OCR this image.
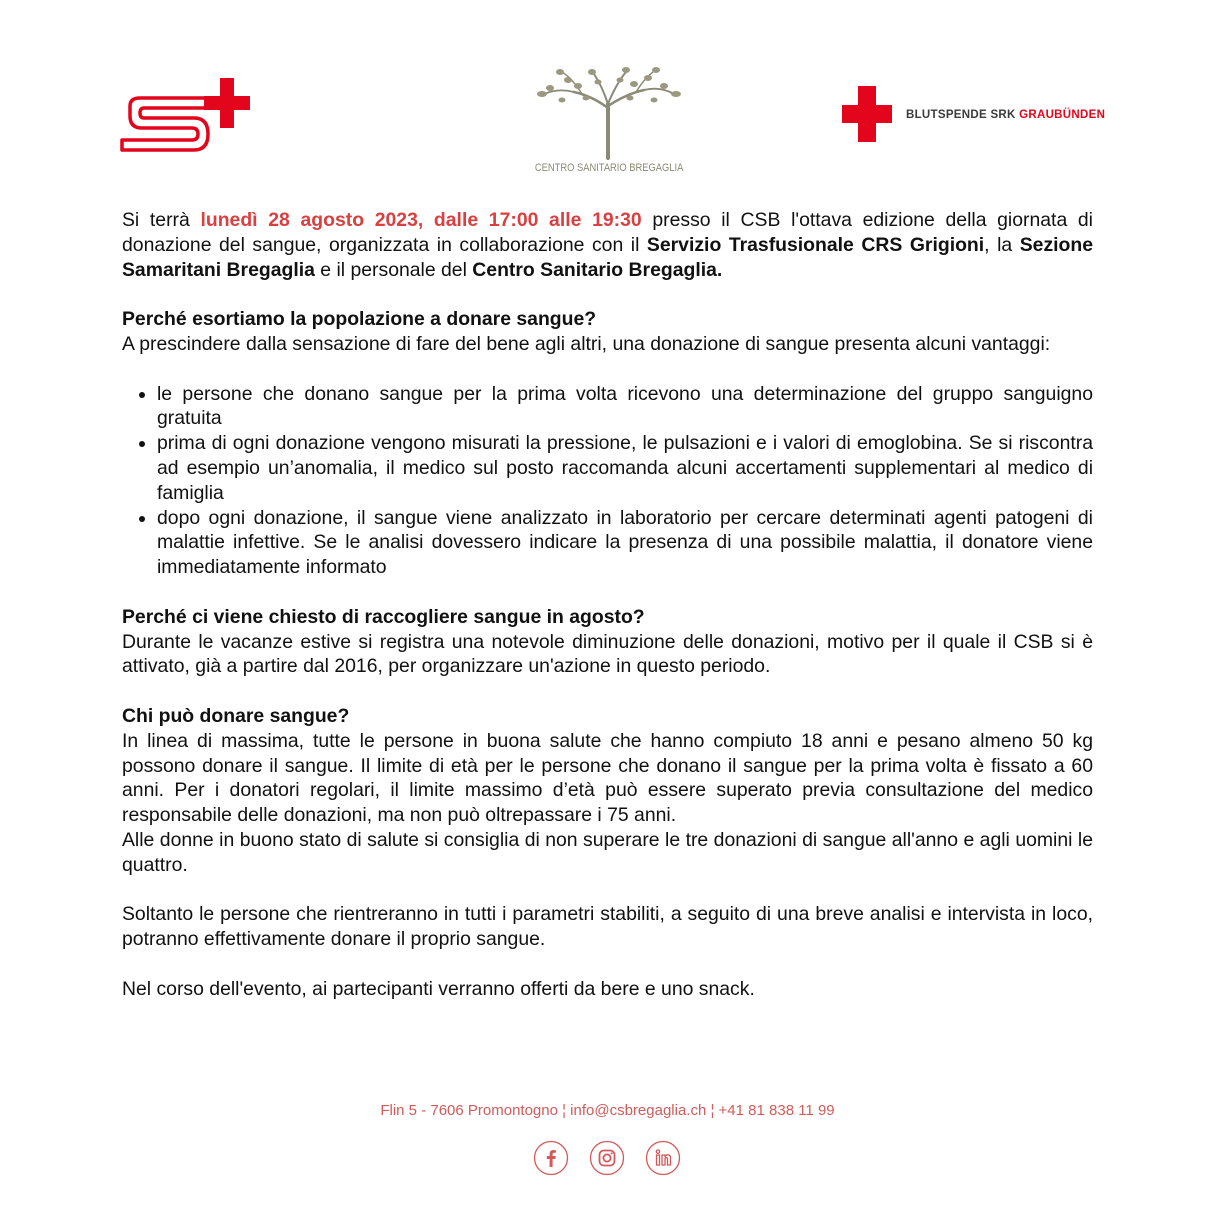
CENTRO SANITARIO BREGAGLIA
BLUTSPENDE SRK GRAUBÜNDEN

Si terrà lunedì 28 agosto 2023, dalle 17:00 alle 19:30 presso il CSB l'ottava edizione della giornata di donazione del sangue, organizzata in collaborazione con il Servizio Trasfusionale CRS Grigioni, la Sezione Samaritani Bregaglia e il personale del Centro Sanitario Bregaglia.

Perché esortiamo la popolazione a donare sangue?

A prescindere dalla sensazione di fare del bene agli altri, una donazione di sangue presenta alcuni vantaggi:

• le persone che donano sangue per la prima volta ricevono una determinazione del gruppo sanguigno gratuita
• prima di ogni donazione vengono misurati la pressione, le pulsazioni e i valori di emoglobina. Se si riscontra ad esempio un’anomalia, il medico sul posto raccomanda alcuni accertamenti supplementari al medico di famiglia
• dopo ogni donazione, il sangue viene analizzato in laboratorio per cercare determinati agenti patogeni di malattie infettive. Se le analisi dovessero indicare la presenza di una possibile malattia, il donatore viene immediatamente informato
Perché ci viene chiesto di raccogliere sangue in agosto?

Durante le vacanze estive si registra una notevole diminuzione delle donazioni, motivo per il quale il CSB si è attivato, già a partire dal 2016, per organizzare un'azione in questo periodo.

Chi può donare sangue?

In linea di massima, tutte le persone in buona salute che hanno compiuto 18 anni e pesano almeno 50 kg possono donare il sangue. Il limite di età per le persone che donano il sangue per la prima volta è fissato a 60 anni. Per i donatori regolari, il limite massimo d’età può essere superato previa consultazione del medico responsabile delle donazioni, ma non può oltrepassare i 75 anni.

Alle donne in buono stato di salute si consiglia di non superare le tre donazioni di sangue all'anno e agli uomini le quattro.

Soltanto le persone che rientreranno in tutti i parametri stabiliti, a seguito di una breve analisi e intervista in loco, potranno effettivamente donare il proprio sangue.

Nel corso dell'evento, ai partecipanti verranno offerti da bere e uno snack.

Flin 5 - 7606 Promontogno ¦ info@csbregaglia.ch ¦ +41 81 838 11 99
